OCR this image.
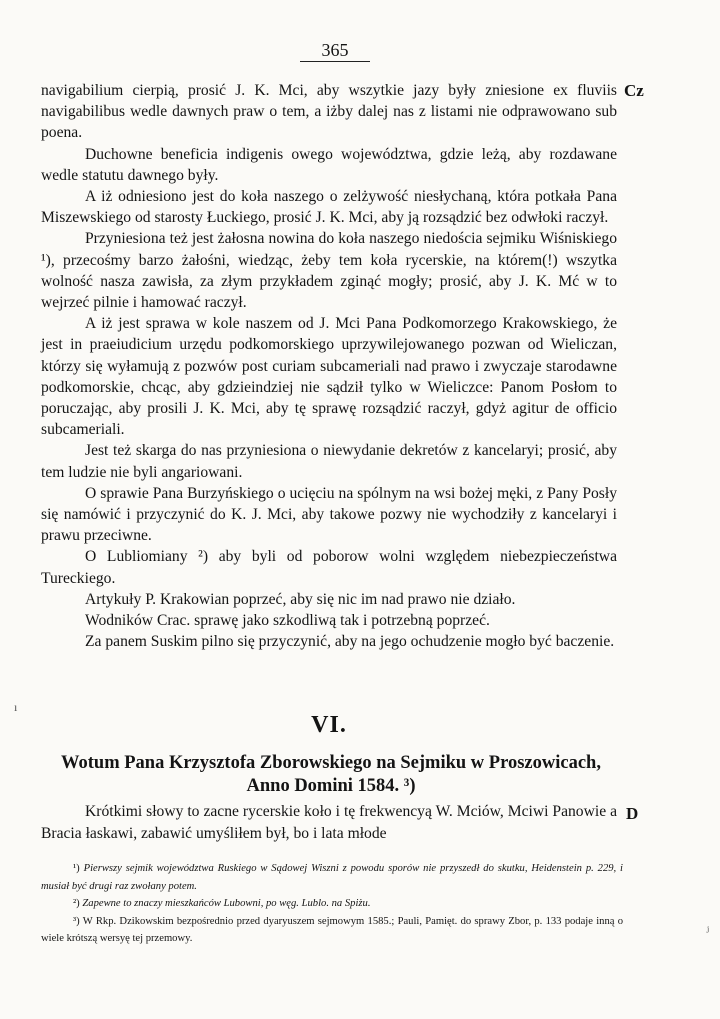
365

navigabilium cierpią, prosić J. K. Mci, aby wszytkie jazy były zniesione ex fluviis navigabilibus wedle dawnych praw o tem, a iżby dalej nas z listami nie odprawowano sub poena.

Duchowne beneficia indigenis owego województwa, gdzie leżą, aby rozdawane wedle statutu dawnego były.

A iż odniesiono jest do koła naszego o zelżywość niesłychaną, która potkała Pana Miszewskiego od starosty Łuckiego, prosić J. K. Mci, aby ją rozsądzić bez odwłoki raczył.

Przyniesiona też jest żałosna nowina do koła naszego niedościa sejmiku Wiśniskiego ¹), przecośmy barzo żałośni, wiedząc, żeby tem koła rycerskie, na którem(!) wszytka wolność nasza zawisła, za złym przykładem zginąć mogły; prosić, aby J. K. Mć w to wejrzeć pilnie i hamować raczył.

A iż jest sprawa w kole naszem od J. Mci Pana Podkomorzego Krakowskiego, że jest in praeiudicium urzędu podkomorskiego uprzywilejowanego pozwan od Wieliczan, którzy się wyłamują z pozwów post curiam subcameriali nad prawo i zwyczaje starodawne podkomorskie, chcąc, aby gdzieindziej nie sądził tylko w Wieliczce: Panom Posłom to poruczając, aby prosili J. K. Mci, aby tę sprawę rozsądzić raczył, gdyż agitur de officio subcameriali.

Jest też skarga do nas przyniesiona o niewydanie dekretów z kancelaryi; prosić, aby tem ludzie nie byli angariowani.

O sprawie Pana Burzyńskiego o ucięciu na spólnym na wsi bożej męki, z Pany Posły się namówić i przyczynić do K. J. Mci, aby takowe pozwy nie wychodziły z kancelaryi i prawu przeciwne.

O Lubliomiany ²) aby byli od poborow wolni względem niebezpieczeństwa Tureckiego.

Artykuły P. Krakowian poprzeć, aby się nic im nad prawo nie działo.

Wodników Crac. sprawę jako szkodliwą tak i potrzebną poprzeć.

Za panem Suskim pilno się przyczynić, aby na jego ochudzenie mogło być baczenie.

Cz
ı
VI.
Wotum Pana Krzysztofa Zborowskiego na Sejmiku w Proszowicach,
Anno Domini 1584. ³)

Krótkimi słowy to zacne rycerskie koło i tę frekwencyą W. Mciów, Mciwi Panowie a Bracia łaskawi, zabawić umyśliłem był, bo i lata młode

D

¹) Pierwszy sejmik województwa Ruskiego w Sądowej Wiszni z powodu sporów nie przyszedł do skutku, Heidenstein p. 229, i musiał być drugi raz zwołany potem.

²) Zapewne to znaczy mieszkańców Lubowni, po węg. Lublo. na Spiżu.

³) W Rkp. Dzikowskim bezpośrednio przed dyaryuszem sejmowym 1585.; Pauli, Pamięt. do sprawy Zbor, p. 133 podaje inną o wiele krótszą wersyę tej przemowy.

ⱼ
